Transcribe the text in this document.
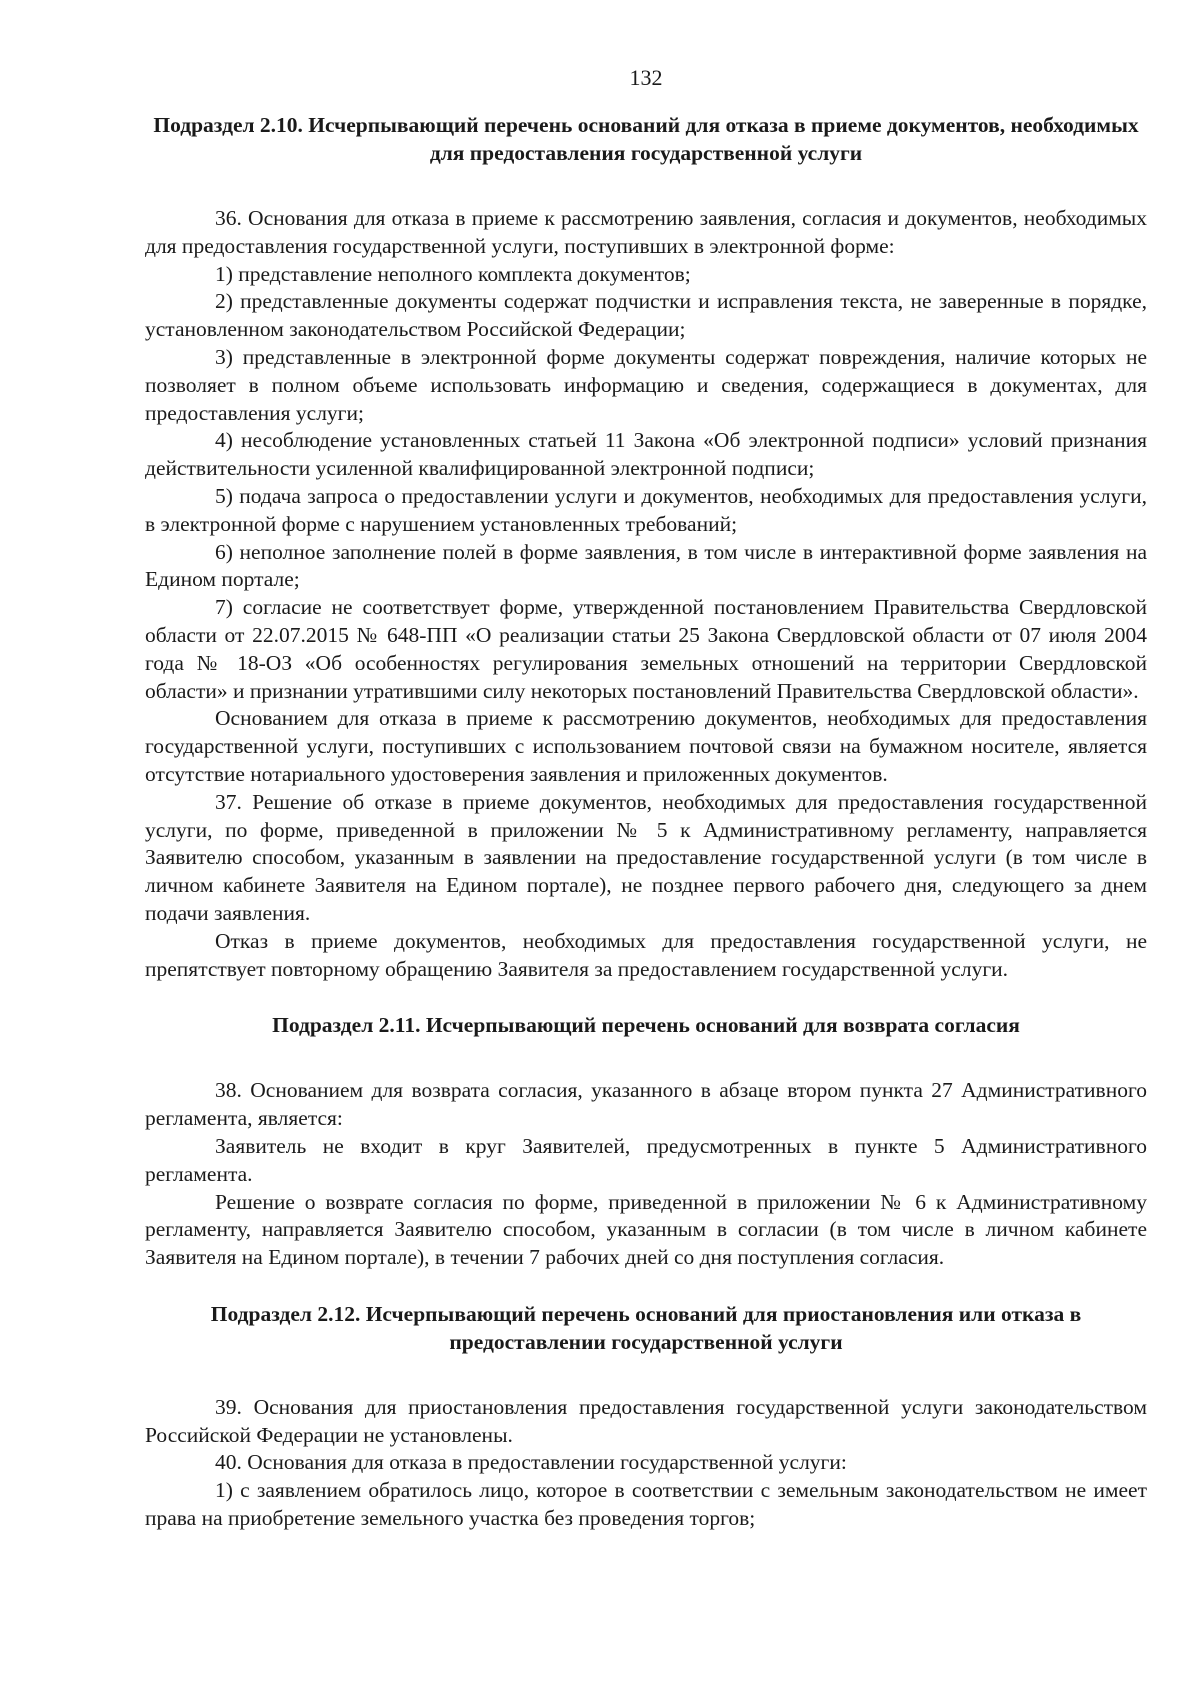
132
Подраздел 2.10. Исчерпывающий перечень оснований для отказа в приеме документов, необходимых для предоставления государственной услуги

36. Основания для отказа в приеме к рассмотрению заявления, согласия и документов, необходимых для предоставления государственной услуги, поступивших в электронной форме:

1) представление неполного комплекта документов;

2) представленные документы содержат подчистки и исправления текста, не заверенные в порядке, установленном законодательством Российской Федерации;

3) представленные в электронной форме документы содержат повреждения, наличие которых не позволяет в полном объеме использовать информацию и сведения, содержащиеся в документах, для предоставления услуги;

4) несоблюдение установленных статьей 11 Закона «Об электронной подписи» условий признания действительности усиленной квалифицированной электронной подписи;

5) подача запроса о предоставлении услуги и документов, необходимых для предоставления услуги, в электронной форме с нарушением установленных требований;

6) неполное заполнение полей в форме заявления, в том числе в интерактивной форме заявления на Едином портале;

7) согласие не соответствует форме, утвержденной постановлением Правительства Свердловской области от 22.07.2015 № 648-ПП «О реализации статьи 25 Закона Свердловской области от 07 июля 2004 года № 18-ОЗ «Об особенностях регулирования земельных отношений на территории Свердловской области» и признании утратившими силу некоторых постановлений Правительства Свердловской области».

Основанием для отказа в приеме к рассмотрению документов, необходимых для предоставления государственной услуги, поступивших с использованием почтовой связи на бумажном носителе, является отсутствие нотариального удостоверения заявления и приложенных документов.

37. Решение об отказе в приеме документов, необходимых для предоставления государственной услуги, по форме, приведенной в приложении № 5 к Административному регламенту, направляется Заявителю способом, указанным в заявлении на предоставление государственной услуги (в том числе в личном кабинете Заявителя на Едином портале), не позднее первого рабочего дня, следующего за днем подачи заявления.

Отказ в приеме документов, необходимых для предоставления государственной услуги, не препятствует повторному обращению Заявителя за предоставлением государственной услуги.

Подраздел 2.11. Исчерпывающий перечень оснований для возврата согласия

38. Основанием для возврата согласия, указанного в абзаце втором пункта 27 Административного регламента, является:

Заявитель не входит в круг Заявителей, предусмотренных в пункте 5 Административного регламента.

Решение о возврате согласия по форме, приведенной в приложении № 6 к Административному регламенту, направляется Заявителю способом, указанным в согласии (в том числе в личном кабинете Заявителя на Едином портале), в течении 7 рабочих дней со дня поступления согласия.

Подраздел 2.12. Исчерпывающий перечень оснований для приостановления или отказа в предоставлении государственной услуги

39. Основания для приостановления предоставления государственной услуги законодательством Российской Федерации не установлены.

40. Основания для отказа в предоставлении государственной услуги:

1) с заявлением обратилось лицо, которое в соответствии с земельным законодательством не имеет права на приобретение земельного участка без проведения торгов;
